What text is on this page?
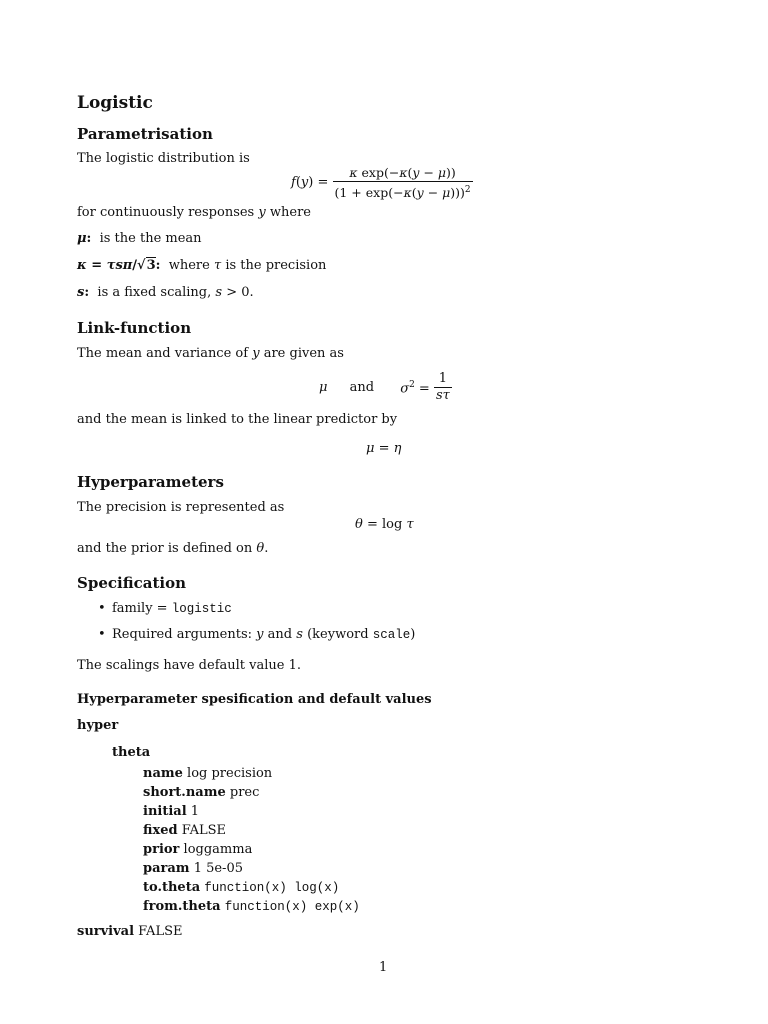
Logistic
Parametrisation
The logistic distribution is
$f(y) = \frac{\text{κ exp(−κ(y − μ))}}{(1 + \exp(-\kappa(y - \mu)))^2}$
for continuously responses y where
μ: is the the mean
κ = τsπ/√3: where τ is the precision
s: is a fixed scaling, s > 0.
Link-function
The mean and variance of y are given as
μ and $\sigma^2 = \frac{1}{s\tau}$
and the mean is linked to the linear predictor by
μ = η
Hyperparameters
The precision is represented as
θ = log τ
and the prior is defined on θ.
Specification
• family = logistic
• Required arguments: y and s (keyword scale)
The scalings have default value 1.
Hyperparameter spesification and default values
hyper
theta
name log precision
short.name prec
initial 1
fixed FALSE
prior loggamma
param 1 5e-05
to.theta function(x) log(x)
from.theta function(x) exp(x)
survival FALSE
1
